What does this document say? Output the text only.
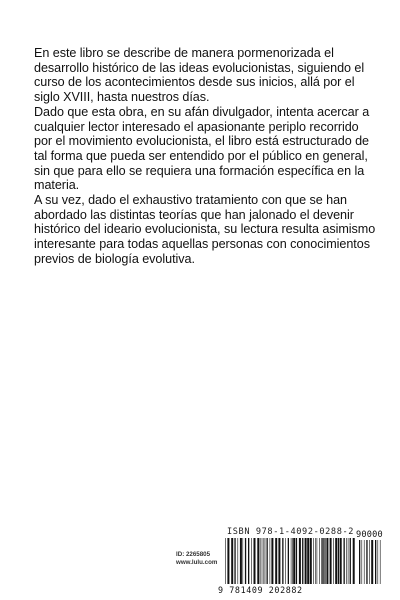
En este libro se describe de manera pormenorizada el desarrollo histórico de las ideas evolucionistas, siguiendo el curso de los acontecimientos desde sus inicios, allá por el siglo XVIII, hasta nuestros días.

Dado que esta obra, en su afán divulgador, intenta acercar a cualquier lector interesado el apasionante periplo recorrido por el movimiento evolucionista, el libro está estructurado de tal forma que pueda ser entendido por el público en general, sin que para ello se requiera una formación específica en la materia.

A su vez, dado el exhaustivo tratamiento con que se han abordado las distintas teorías que han jalonado el devenir histórico del ideario evolucionista, su lectura resulta asimismo interesante para todas aquellas personas con conocimientos previos de biología evolutiva.

ID: 2265805
www.lulu.com
ISBN 978-1-4092-0288-2 90000
9 781409 202882
